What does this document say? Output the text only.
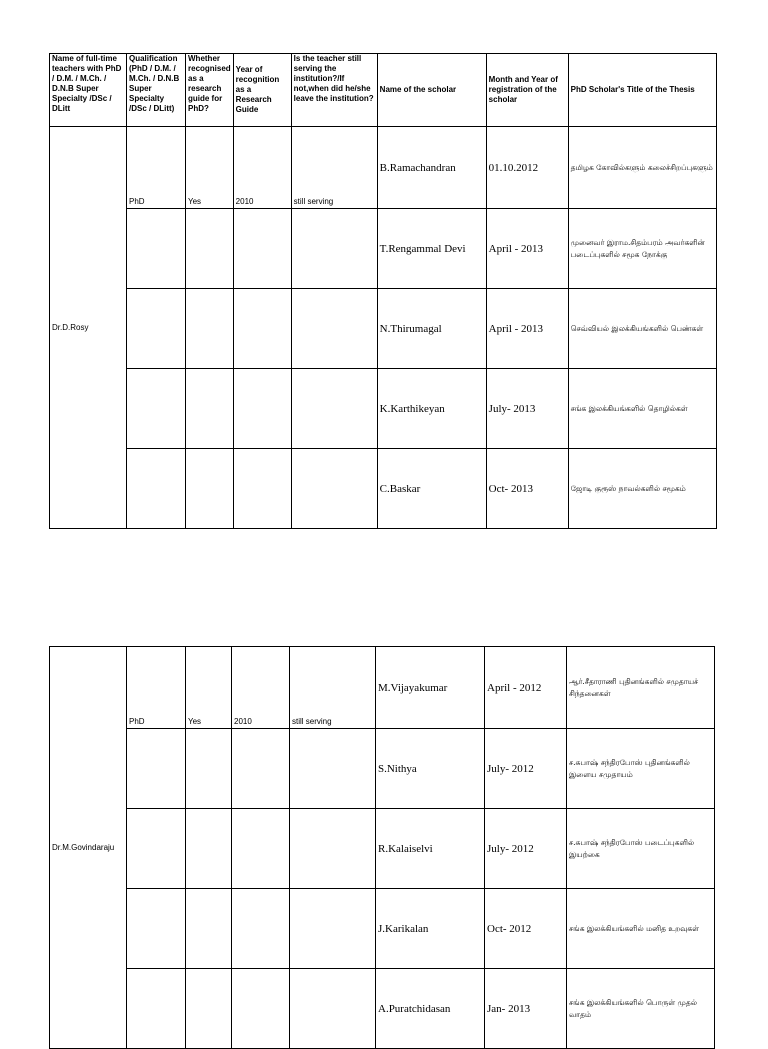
Name of full-time teachers with PhD / D.M. / M.Ch. / D.N.B Super Specialty /DSc / DLitt	Qualification (PhD / D.M. / M.Ch. / D.N.B Super Specialty /DSc / DLitt)	Whether recognised as a research guide for PhD?	Year of recognition as a Research Guide	Is the teacher still serving the institution?/If not,when did he/she leave the institution?	Name of the scholar	Month and Year of registration of the scholar	PhD Scholar's Title of the Thesis
Dr.D.Rosy	PhD	Yes	2010	still serving	B.Ramachandran	01.10.2012	தமிழக கோவில்களும் கலைச்சிறப்புகளும்
					T.Rengammal Devi	April - 2013	முனைவர் இராம.சிதம்பரம் அவர்களின் படைப்புகளில் சமூக நோக்கு
					N.Thirumagal	April - 2013	செவ்வியல் இலக்கியங்களில் பெண்கள்
					K.Karthikeyan	July- 2013	சங்க இலக்கியங்களில் தொழில்கள்
					C.Baskar	Oct- 2013	ஜோடி குரூஸ் நாவல்களில் சமூகம்
Dr.M.Govindaraju	PhD	Yes	2010	still serving	M.Vijayakumar	April - 2012	ஆர்.சீதாராணி புதினங்களில் சமுதாயச் சிந்தனைகள்
					S.Nithya	July- 2012	ச.சுபாஷ் சந்திரபோஸ் புதினங்களில் இளைய சமுதாயம்
					R.Kalaiselvi	July- 2012	ச.சுபாஷ் சந்திரபோஸ் படைப்புகளில் இயற்கை
					J.Karikalan	Oct- 2012	சங்க இலக்கியங்களில் மனித உறவுகள்
					A.Puratchidasan	Jan- 2013	சங்க இலக்கியங்களில் பொருள் முதல் வாதம்
